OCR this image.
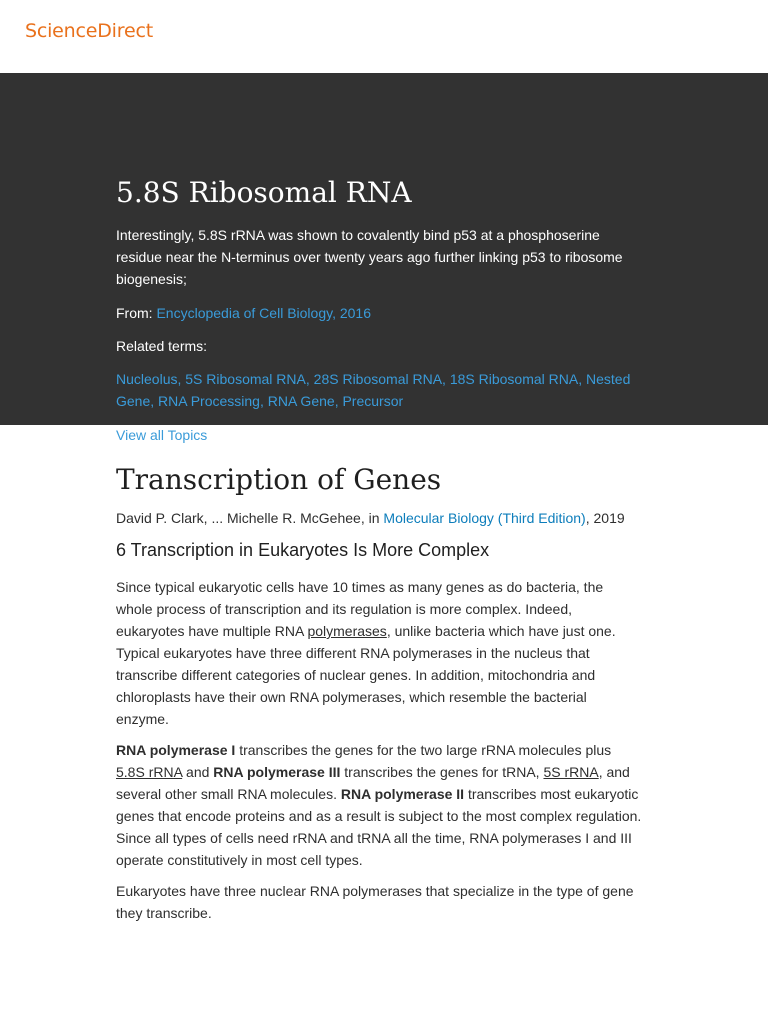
ScienceDirect
5.8S Ribosomal RNA

Interestingly, 5.8S rRNA was shown to covalently bind p53 at a phosphoserine residue near the N-terminus over twenty years ago further linking p53 to ribosome biogenesis;

From: Encyclopedia of Cell Biology, 2016

Related terms:

Nucleolus, 5S Ribosomal RNA, 28S Ribosomal RNA, 18S Ribosomal RNA, Nested Gene, RNA Processing, RNA Gene, Precursor

View all Topics

Transcription of Genes

David P. Clark, ... Michelle R. McGehee, in Molecular Biology (Third Edition), 2019

6 Transcription in Eukaryotes Is More Complex

Since typical eukaryotic cells have 10 times as many genes as do bacteria, the whole process of transcription and its regulation is more complex. Indeed, eukaryotes have multiple RNA polymerases, unlike bacteria which have just one. Typical eukaryotes have three different RNA polymerases in the nucleus that transcribe different categories of nuclear genes. In addition, mitochondria and chloroplasts have their own RNA polymerases, which resemble the bacterial enzyme.

RNA polymerase I transcribes the genes for the two large rRNA molecules plus 5.8S rRNA and RNA polymerase III transcribes the genes for tRNA, 5S rRNA, and several other small RNA molecules. RNA polymerase II transcribes most eukaryotic genes that encode proteins and as a result is subject to the most complex regulation. Since all types of cells need rRNA and tRNA all the time, RNA polymerases I and III operate constitutively in most cell types.

Eukaryotes have three nuclear RNA polymerases that specialize in the type of gene they transcribe.
